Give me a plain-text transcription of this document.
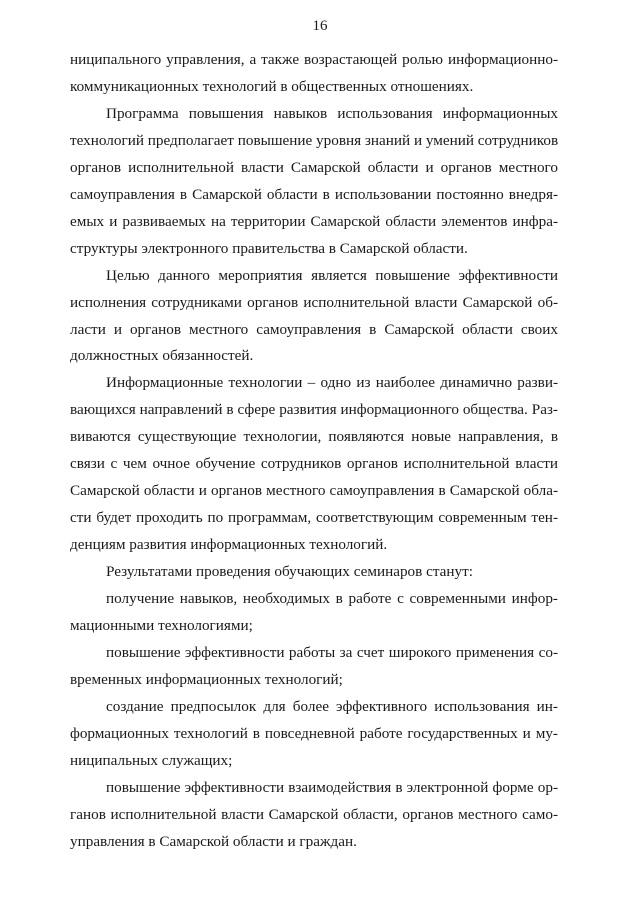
16
ниципального управления, а также возрастающей ролью информационно-
коммуникационных технологий в общественных отношениях.
Программа повышения навыков использования информационных
технологий предполагает повышение уровня знаний и умений сотрудников
органов исполнительной власти Самарской области и органов местного
самоуправления в Самарской области в использовании постоянно внедря-
емых и развиваемых на территории Самарской области элементов инфра-
структуры электронного правительства в Самарской области.
Целью данного мероприятия является повышение эффективности
исполнения сотрудниками органов исполнительной власти Самарской об-
ласти и органов местного самоуправления в Самарской области своих
должностных обязанностей.
Информационные технологии – одно из наиболее динамично разви-
вающихся направлений в сфере развития информационного общества. Раз-
виваются существующие технологии, появляются новые направления, в
связи с чем очное обучение сотрудников органов исполнительной власти
Самарской области и органов местного самоуправления в Самарской обла-
сти будет проходить по программам, соответствующим современным тен-
денциям развития информационных технологий.
Результатами проведения обучающих семинаров станут:
получение навыков, необходимых в работе с современными инфор-
мационными технологиями;
повышение эффективности работы за счет широкого применения со-
временных информационных технологий;
создание предпосылок для более эффективного использования ин-
формационных технологий в повседневной работе государственных и му-
ниципальных служащих;
повышение эффективности взаимодействия в электронной форме ор-
ганов исполнительной власти Самарской области, органов местного само-
управления в Самарской области и граждан.
